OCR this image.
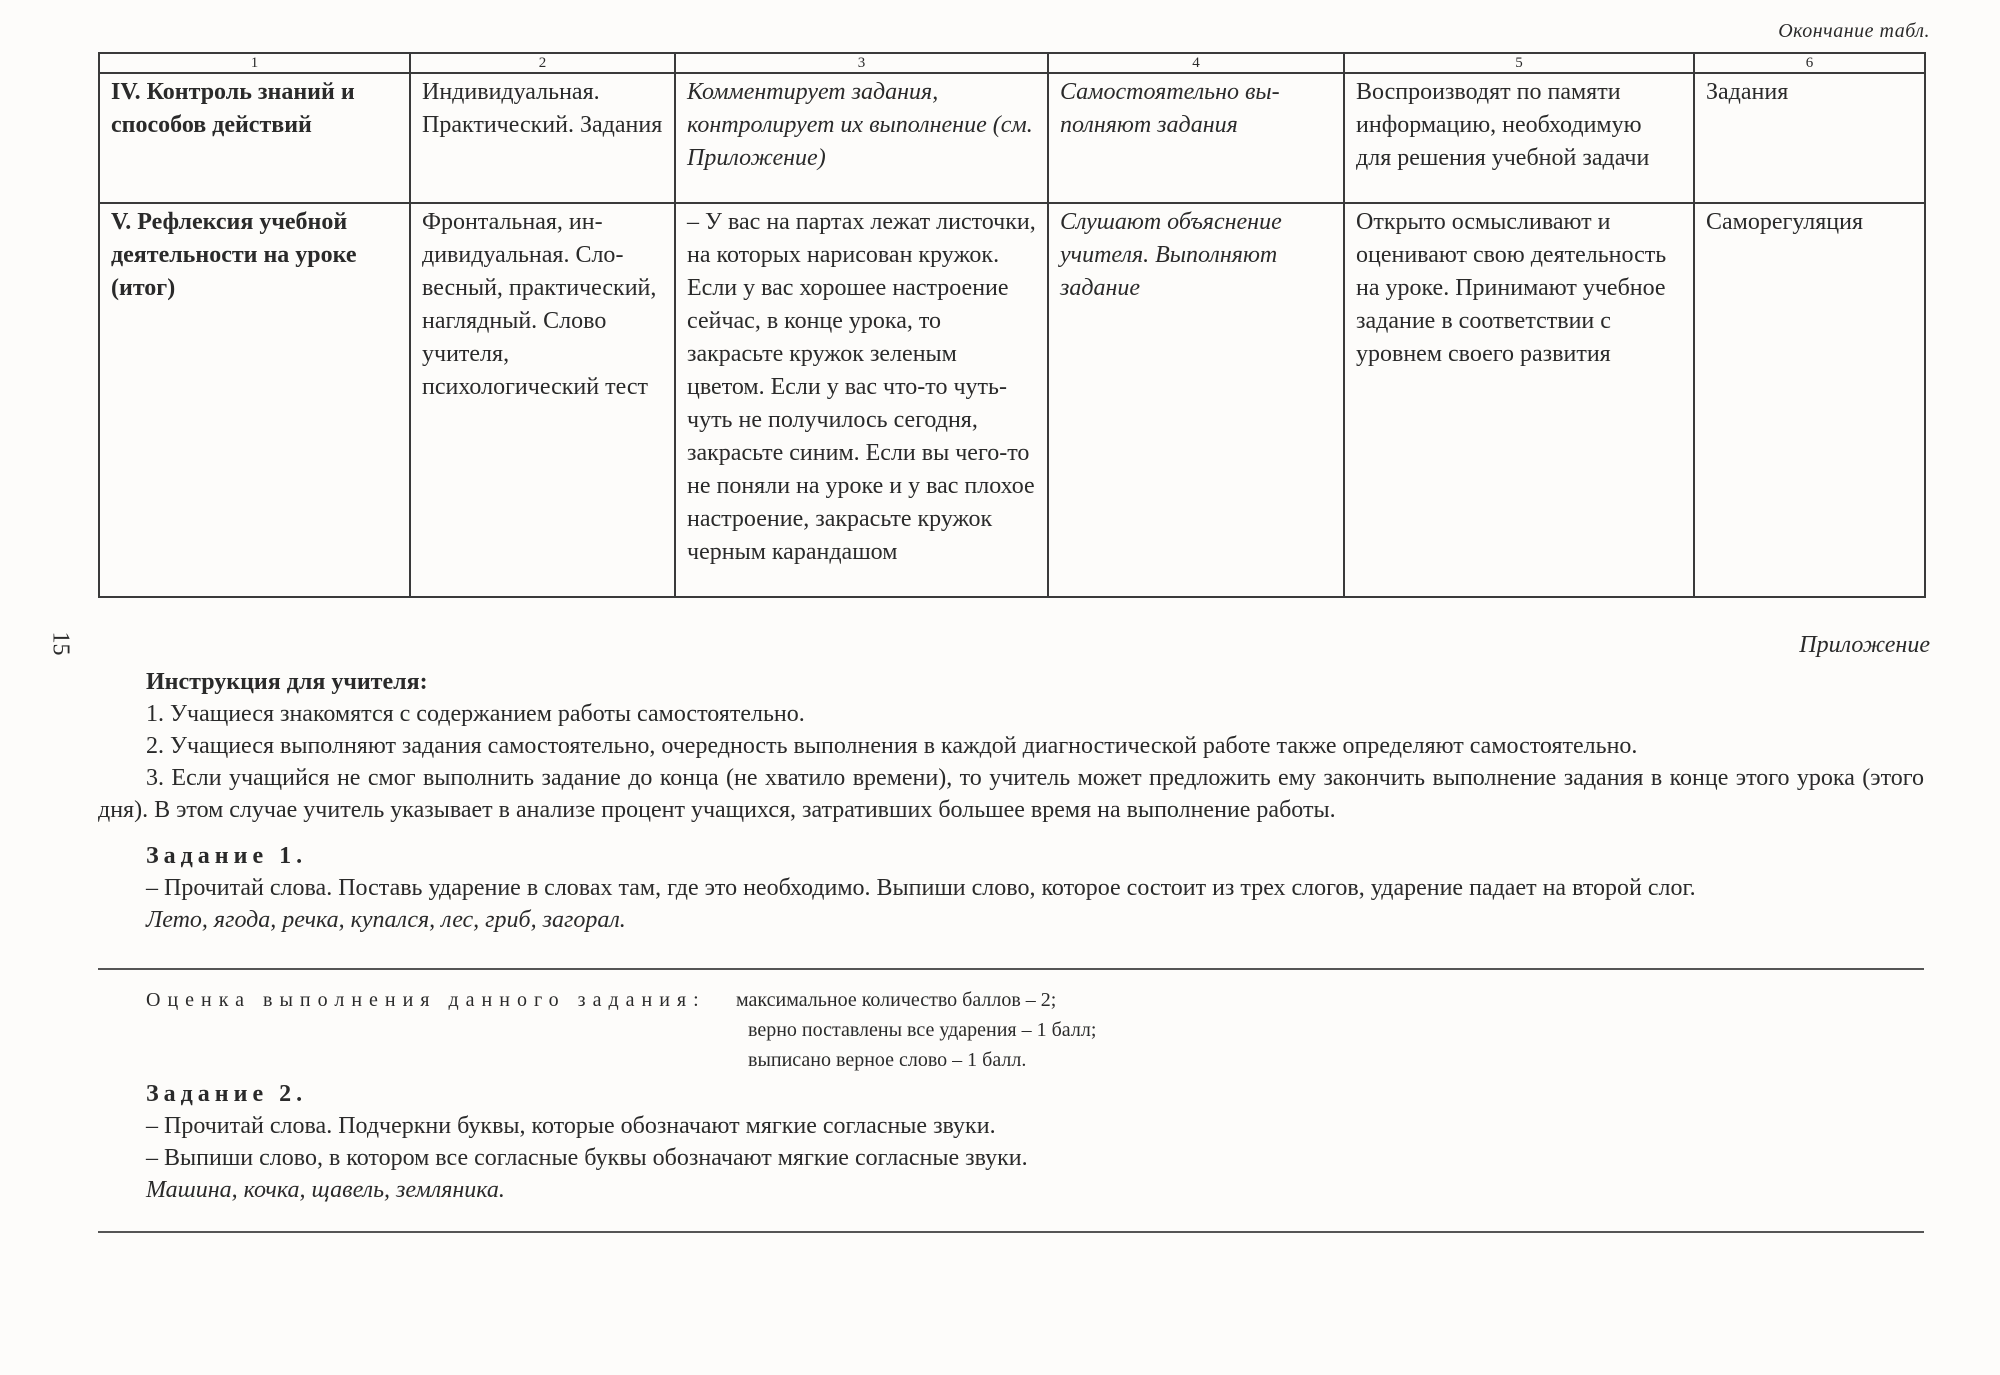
Окончание табл.
1	2	3	4	5	6
IV. Контроль знаний и способов действий	Индивидуальная. Практический. Задания	Комментирует задания, контролирует их выполнение (см. Приложение)	Самостоятельно выполняют задания	Воспроизводят по памяти информацию, необходимую для решения учебной задачи	Задания
V. Рефлексия учебной деятельности на уроке (итог)	Фронтальная, индивидуальная. Словесный, практический, наглядный. Слово учителя, психологический тест	– У вас на партах лежат листочки, на которых нарисован кружок. Если у вас хорошее настроение сейчас, в конце урока, то закрасьте кружок зеленым цветом. Если у вас что-то чуть-чуть не получилось сегодня, закрасьте синим. Если вы чего-то не поняли на уроке и у вас плохое настроение, закрасьте кружок черным карандашом	Слушают объяснение учителя. Выполняют задание	Открыто осмысливают и оценивают свою деятельность на уроке. Принимают учебное задание в соответствии с уровнем своего развития	Саморегуляция
15	Приложение
Инструкция для учителя:

1. Учащиеся знакомятся с содержанием работы самостоятельно.

2. Учащиеся выполняют задания самостоятельно, очередность выполнения в каждой диагностической работе также определяют самостоятельно.

3. Если учащийся не смог выполнить задание до конца (не хватило времени), то учитель может предложить ему закончить выполнение задания в конце этого урока (этого дня). В этом случае учитель указывает в анализе процент учащихся, затративших большее время на выполнение работы.

Задание 1.

– Прочитай слова. Поставь ударение в словах там, где это необходимо. Выпиши слово, которое состоит из трех слогов, ударение падает на второй слог.

Лето, ягода, речка, купался, лес, гриб, загорал.

Оценка выполнения данного задания: максимальное количество баллов – 2;
верно поставлены все ударения – 1 балл;
выписано верное слово – 1 балл.
Задание 2.

– Прочитай слова. Подчеркни буквы, которые обозначают мягкие согласные звуки.

– Выпиши слово, в котором все согласные буквы обозначают мягкие согласные звуки.

Машина, кочка, щавель, земляника.
